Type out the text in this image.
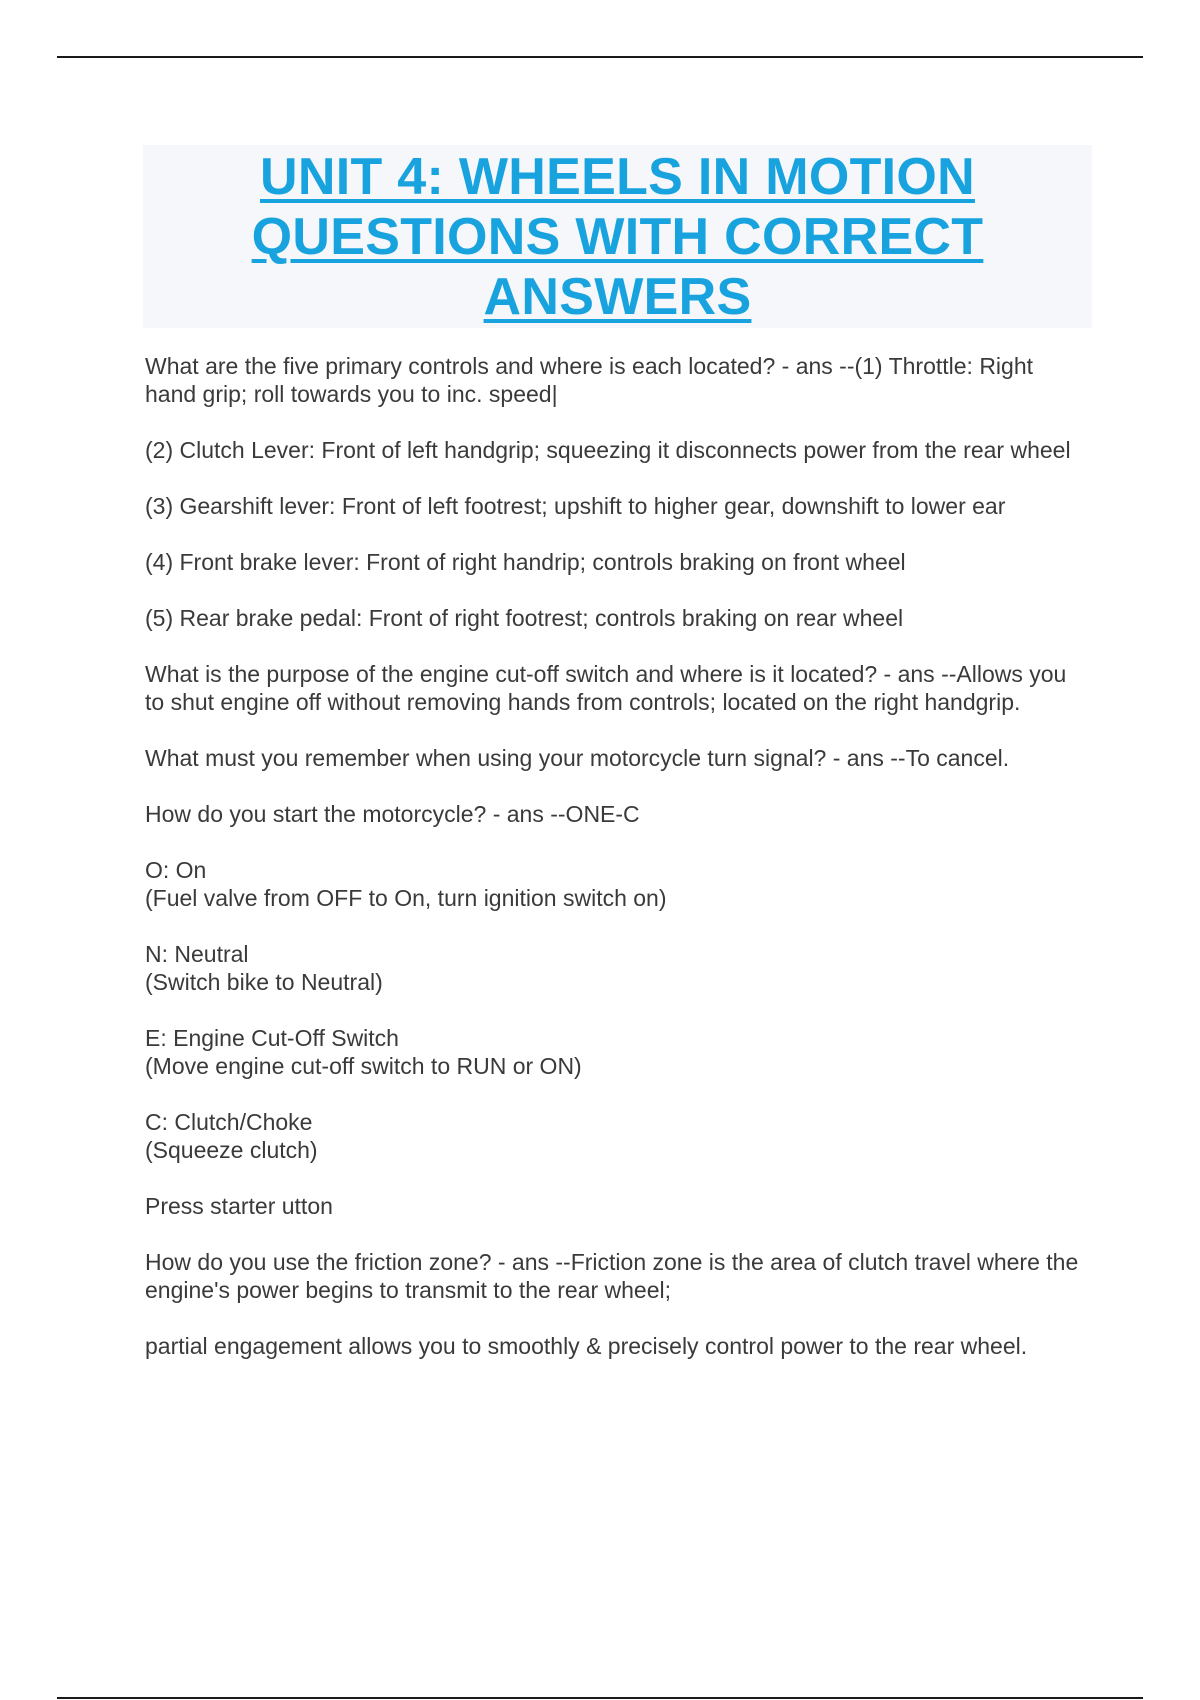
UNIT 4: WHEELS IN MOTION
QUESTIONS WITH CORRECT
ANSWERS

What are the five primary controls and where is each located? - ans --(1) Throttle: Right hand grip; roll towards you to inc. speed|

(2) Clutch Lever: Front of left handgrip; squeezing it disconnects power from the rear wheel

(3) Gearshift lever: Front of left footrest; upshift to higher gear, downshift to lower ear

(4) Front brake lever: Front of right handrip; controls braking on front wheel

(5) Rear brake pedal: Front of right footrest; controls braking on rear wheel

What is the purpose of the engine cut-off switch and where is it located? - ans --Allows you to shut engine off without removing hands from controls; located on the right handgrip.

What must you remember when using your motorcycle turn signal? - ans --To cancel.

How do you start the motorcycle? - ans --ONE-C

O: On
(Fuel valve from OFF to On, turn ignition switch on)

N: Neutral
(Switch bike to Neutral)

E: Engine Cut-Off Switch
(Move engine cut-off switch to RUN or ON)

C: Clutch/Choke
(Squeeze clutch)

Press starter utton

How do you use the friction zone? - ans --Friction zone is the area of clutch travel where the engine's power begins to transmit to the rear wheel;

partial engagement allows you to smoothly & precisely control power to the rear wheel.
